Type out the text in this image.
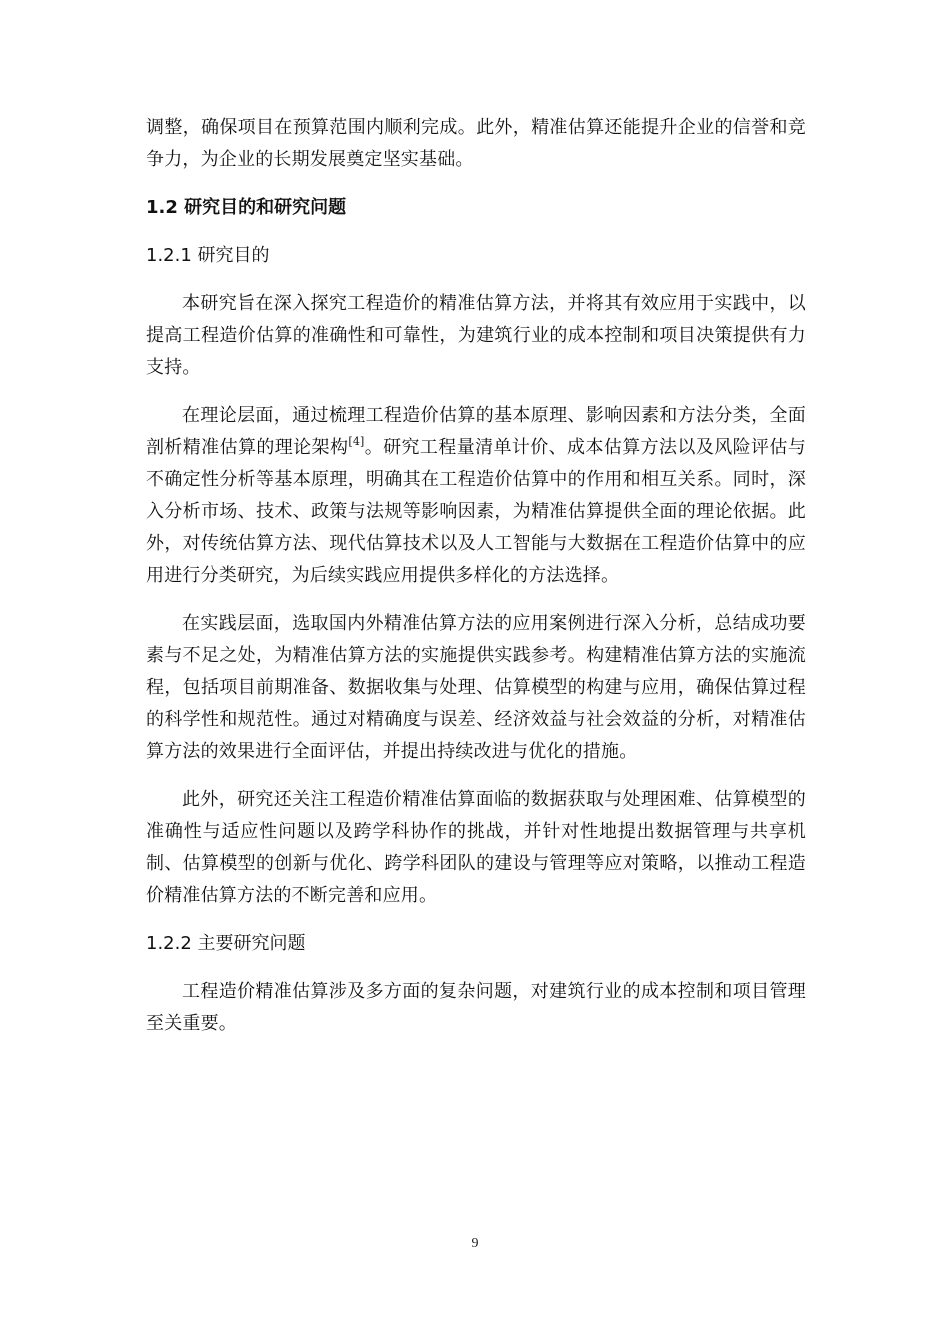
调整，确保项目在预算范围内顺利完成。此外，精准估算还能提升企业的信誉和竞争力，为企业的长期发展奠定坚实基础。

1.2 研究目的和研究问题
1.2.1 研究目的

本研究旨在深入探究工程造价的精准估算方法，并将其有效应用于实践中，以提高工程造价估算的准确性和可靠性，为建筑行业的成本控制和项目决策提供有力支持。

在理论层面，通过梳理工程造价估算的基本原理、影响因素和方法分类，全面剖析精准估算的理论架构[4]。研究工程量清单计价、成本估算方法以及风险评估与不确定性分析等基本原理，明确其在工程造价估算中的作用和相互关系。同时，深入分析市场、技术、政策与法规等影响因素，为精准估算提供全面的理论依据。此外，对传统估算方法、现代估算技术以及人工智能与大数据在工程造价估算中的应用进行分类研究，为后续实践应用提供多样化的方法选择。

在实践层面，选取国内外精准估算方法的应用案例进行深入分析，总结成功要素与不足之处，为精准估算方法的实施提供实践参考。构建精准估算方法的实施流程，包括项目前期准备、数据收集与处理、估算模型的构建与应用，确保估算过程的科学性和规范性。通过对精确度与误差、经济效益与社会效益的分析，对精准估算方法的效果进行全面评估，并提出持续改进与优化的措施。

此外，研究还关注工程造价精准估算面临的数据获取与处理困难、估算模型的准确性与适应性问题以及跨学科协作的挑战，并针对性地提出数据管理与共享机制、估算模型的创新与优化、跨学科团队的建设与管理等应对策略，以推动工程造价精准估算方法的不断完善和应用。

1.2.2 主要研究问题

工程造价精准估算涉及多方面的复杂问题，对建筑行业的成本控制和项目管理至关重要。

9
